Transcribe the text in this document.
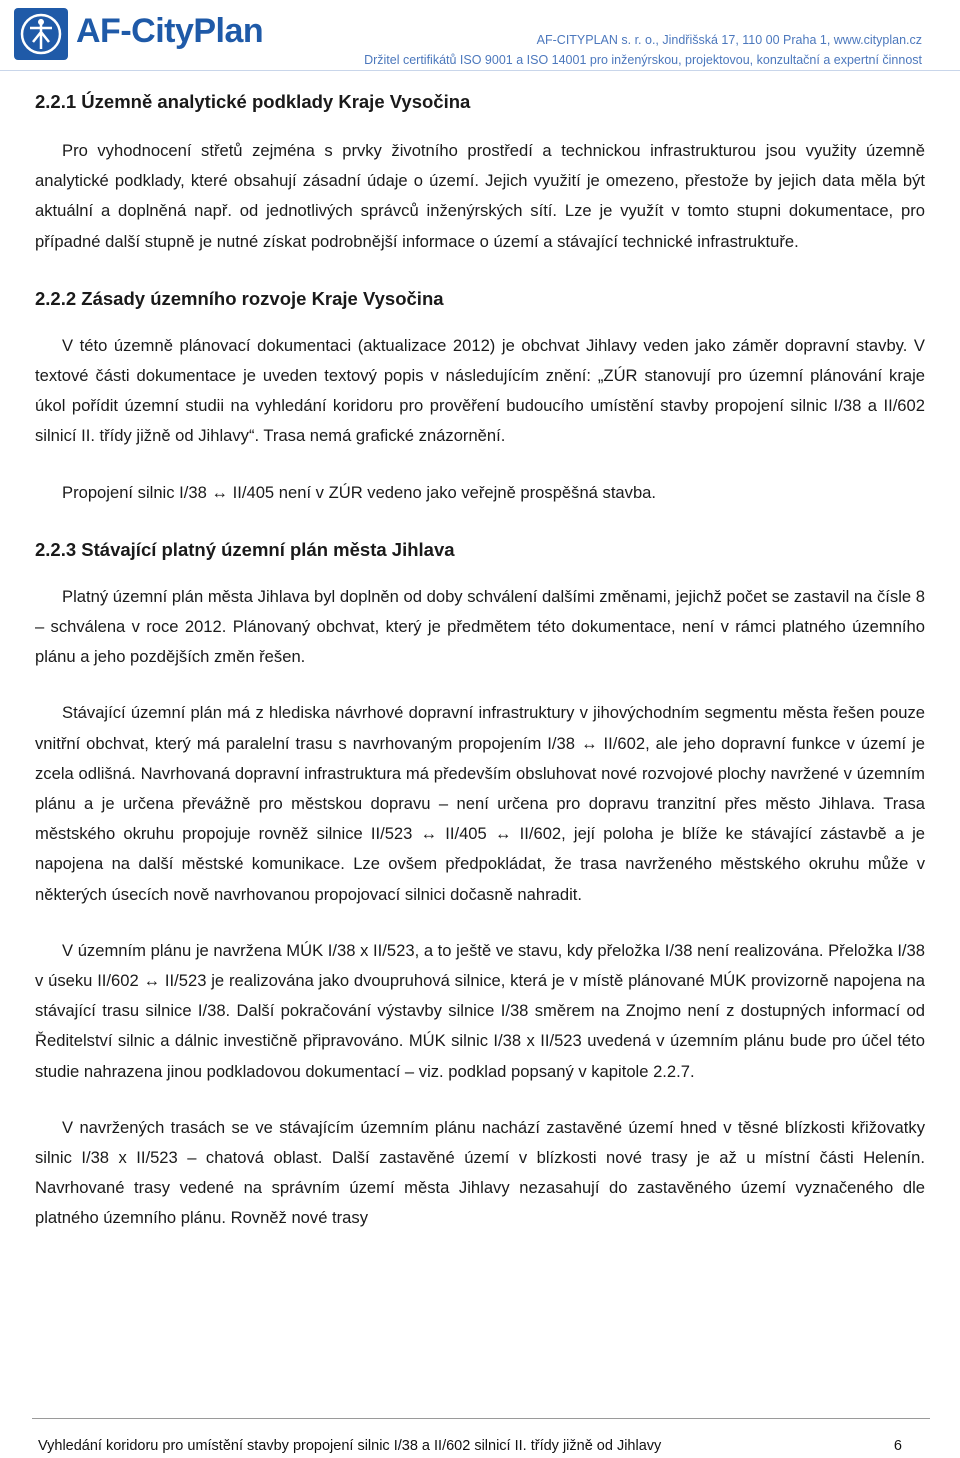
AF-CityPlan	AF-CITYPLAN s. r. o., Jindřišská 17, 110 00 Praha 1, www.cityplan.cz
Držitel certifikátů ISO 9001 a ISO 14001 pro inženýrskou, projektovou, konzultační a expertní činnost
2.2.1 Územně analytické podklady Kraje Vysočina

Pro vyhodnocení střetů zejména s prvky životního prostředí a technickou infrastrukturou jsou využity územně analytické podklady, které obsahují zásadní údaje o území. Jejich využití je omezeno, přestože by jejich data měla být aktuální a doplněná např. od jednotlivých správců inženýrských sítí. Lze je využít v tomto stupni dokumentace, pro případné další stupně je nutné získat podrobnější informace o území a stávající technické infrastruktuře.

2.2.2 Zásady územního rozvoje Kraje Vysočina

V této územně plánovací dokumentaci (aktualizace 2012) je obchvat Jihlavy veden jako záměr dopravní stavby. V textové části dokumentace je uveden textový popis v následujícím znění: „ZÚR stanovují pro územní plánování kraje úkol pořídit územní studii na vyhledání koridoru pro prověření budoucího umístění stavby propojení silnic I/38 a II/602 silnicí II. třídy jižně od Jihlavy“. Trasa nemá grafické znázornění.

Propojení silnic I/38 ↔ II/405 není v ZÚR vedeno jako veřejně prospěšná stavba.

2.2.3 Stávající platný územní plán města Jihlava

Platný územní plán města Jihlava byl doplněn od doby schválení dalšími změnami, jejichž počet se zastavil na čísle 8 – schválena v roce 2012. Plánovaný obchvat, který je předmětem této dokumentace, není v rámci platného územního plánu a jeho pozdějších změn řešen.

Stávající územní plán má z hlediska návrhové dopravní infrastruktury v jihovýchodním segmentu města řešen pouze vnitřní obchvat, který má paralelní trasu s navrhovaným propojením I/38 ↔ II/602, ale jeho dopravní funkce v území je zcela odlišná. Navrhovaná dopravní infrastruktura má především obsluhovat nové rozvojové plochy navržené v územním plánu a je určena převážně pro městskou dopravu – není určena pro dopravu tranzitní přes město Jihlava. Trasa městského okruhu propojuje rovněž silnice II/523 ↔ II/405 ↔ II/602, její poloha je blíže ke stávající zástavbě a je napojena na další městské komunikace. Lze ovšem předpokládat, že trasa navrženého městského okruhu může v některých úsecích nově navrhovanou propojovací silnici dočasně nahradit.

V územním plánu je navržena MÚK I/38 x II/523, a to ještě ve stavu, kdy přeložka I/38 není realizována. Přeložka I/38 v úseku II/602 ↔ II/523 je realizována jako dvoupruhová silnice, která je v místě plánované MÚK provizorně napojena na stávající trasu silnice I/38. Další pokračování výstavby silnice I/38 směrem na Znojmo není z dostupných informací od Ředitelství silnic a dálnic investičně připravováno. MÚK silnic I/38 x II/523 uvedená v územním plánu bude pro účel této studie nahrazena jinou podkladovou dokumentací – viz. podklad popsaný v kapitole 2.2.7.

V navržených trasách se ve stávajícím územním plánu nachází zastavěné území hned v těsné blízkosti křižovatky silnic I/38 x II/523 – chatová oblast. Další zastavěné území v blízkosti nové trasy je až u místní části Helenín. Navrhované trasy vedené na správním území města Jihlavy nezasahují do zastavěného území vyznačeného dle platného územního plánu. Rovněž nové trasy

Vyhledání koridoru pro umístění stavby propojení silnic I/38 a II/602 silnicí II. třídy jižně od Jihlavy	6
